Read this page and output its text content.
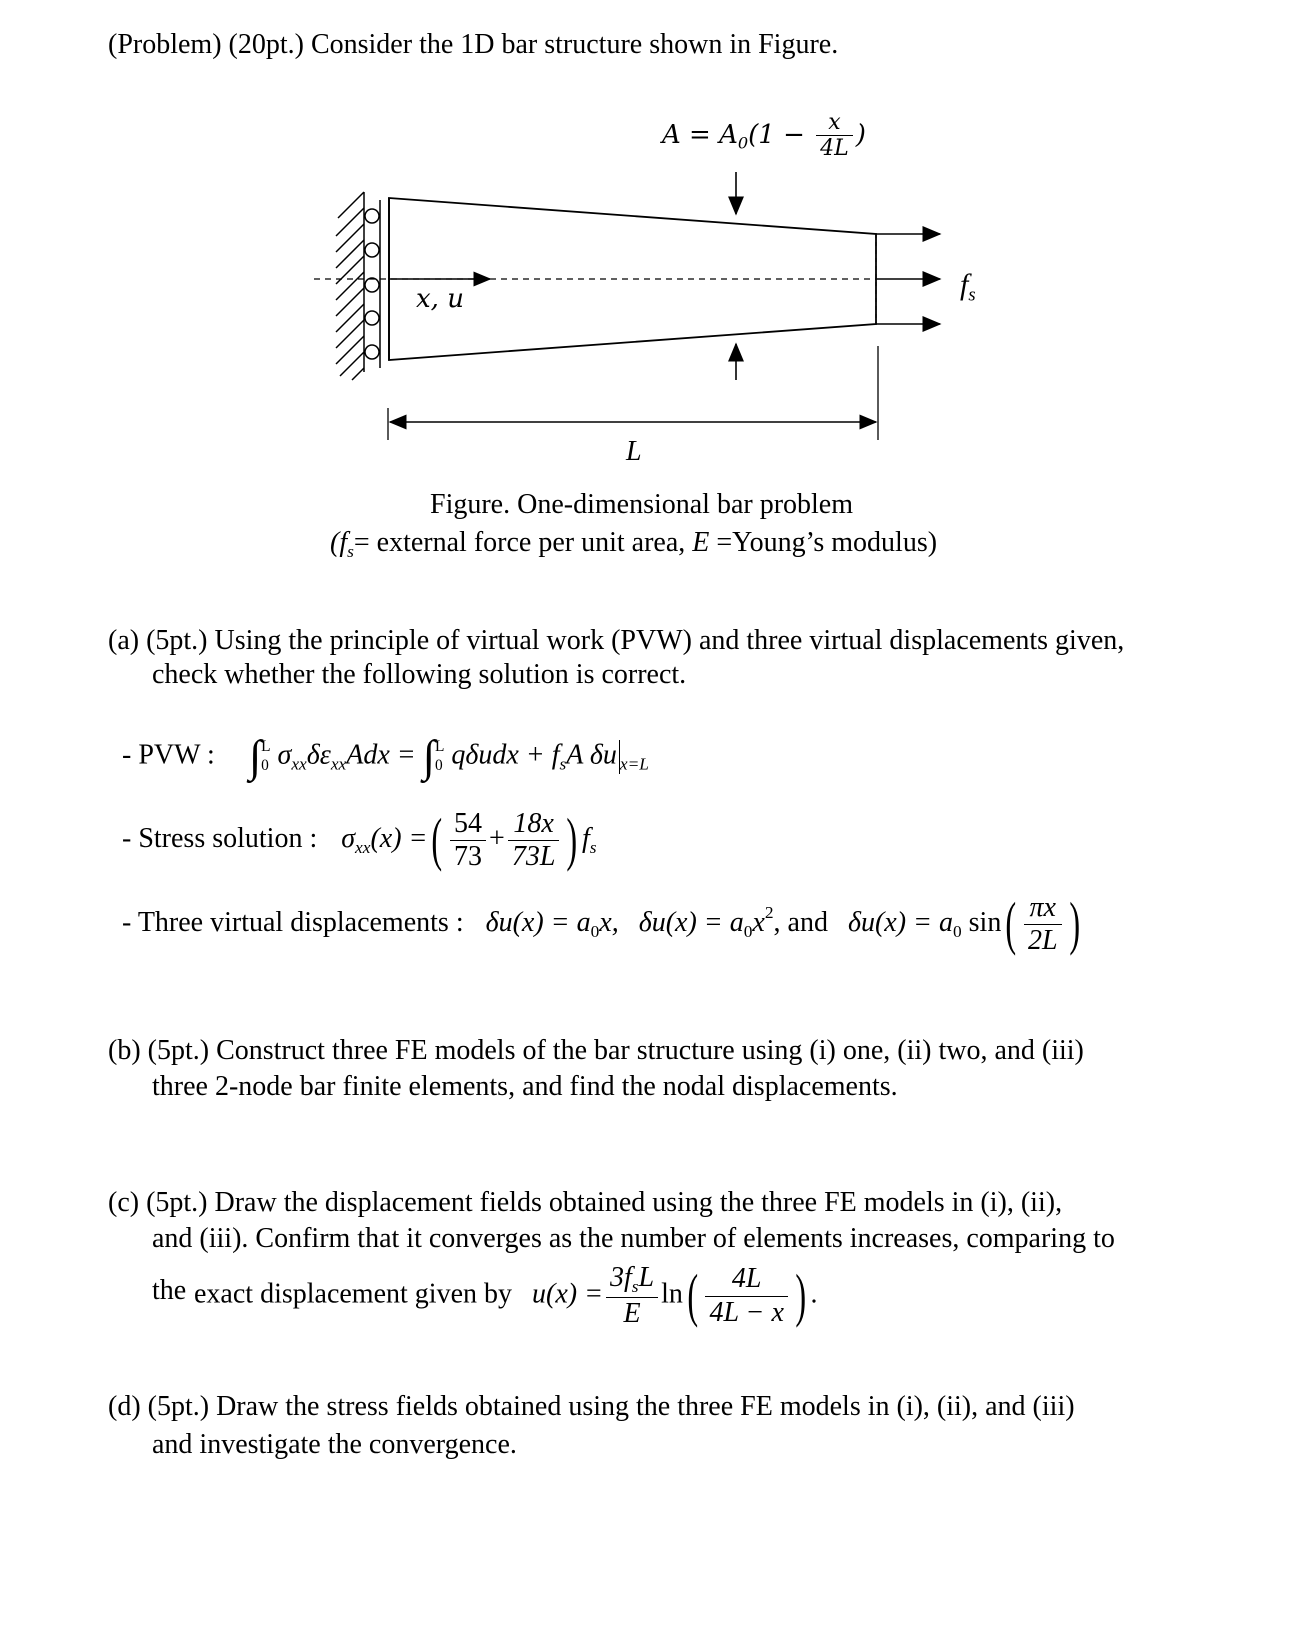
(Problem) (20pt.) Consider the 1D bar structure shown in Figure.
$A = A_0(1 - \frac{x}{4L}$ )
x, u	$f_s$
L
Figure. One-dimensional bar problem
($f_s=$ external force per unit area, E =Young’s modulus)
(a) (5pt.) Using the principle of virtual work (PVW) and three virtual displacements given,
check whether the following solution is correct.
- PVW : ∫ L
0 $\sigma_{xx}\delta\varepsilon_{xx}Adx$ = ∫ L
0 $q\delta udx + f_sA$ δu $_{x=L}$
- Stress solution : $\sigma_{xx}(x)$ =( $\frac{54}{73} + \frac{18x}{73L}$ ) $f_s$
- Three virtual displacements : $\delta u(x) = a_0x$, $\delta u(x) = a_0x^2$, and $\delta u(x) = a_0$ $\sin( \frac{\pi x}{2L}$ )
(b) (5pt.) Construct three FE models of the bar structure using (i) one, (ii) two, and (iii)
three 2-node bar finite elements, and find the nodal displacements.
(c) (5pt.) Draw the displacement fields obtained using the three FE models in (i), (ii),
and (iii). Confirm that it converges as the number of elements increases, comparing to
the exact displacement given by $u(x) = \frac{3f_sL}{E} \ln( \frac{4L}{4L - x}$ ) .
(d) (5pt.) Draw the stress fields obtained using the three FE models in (i), (ii), and (iii)
and investigate the convergence.
